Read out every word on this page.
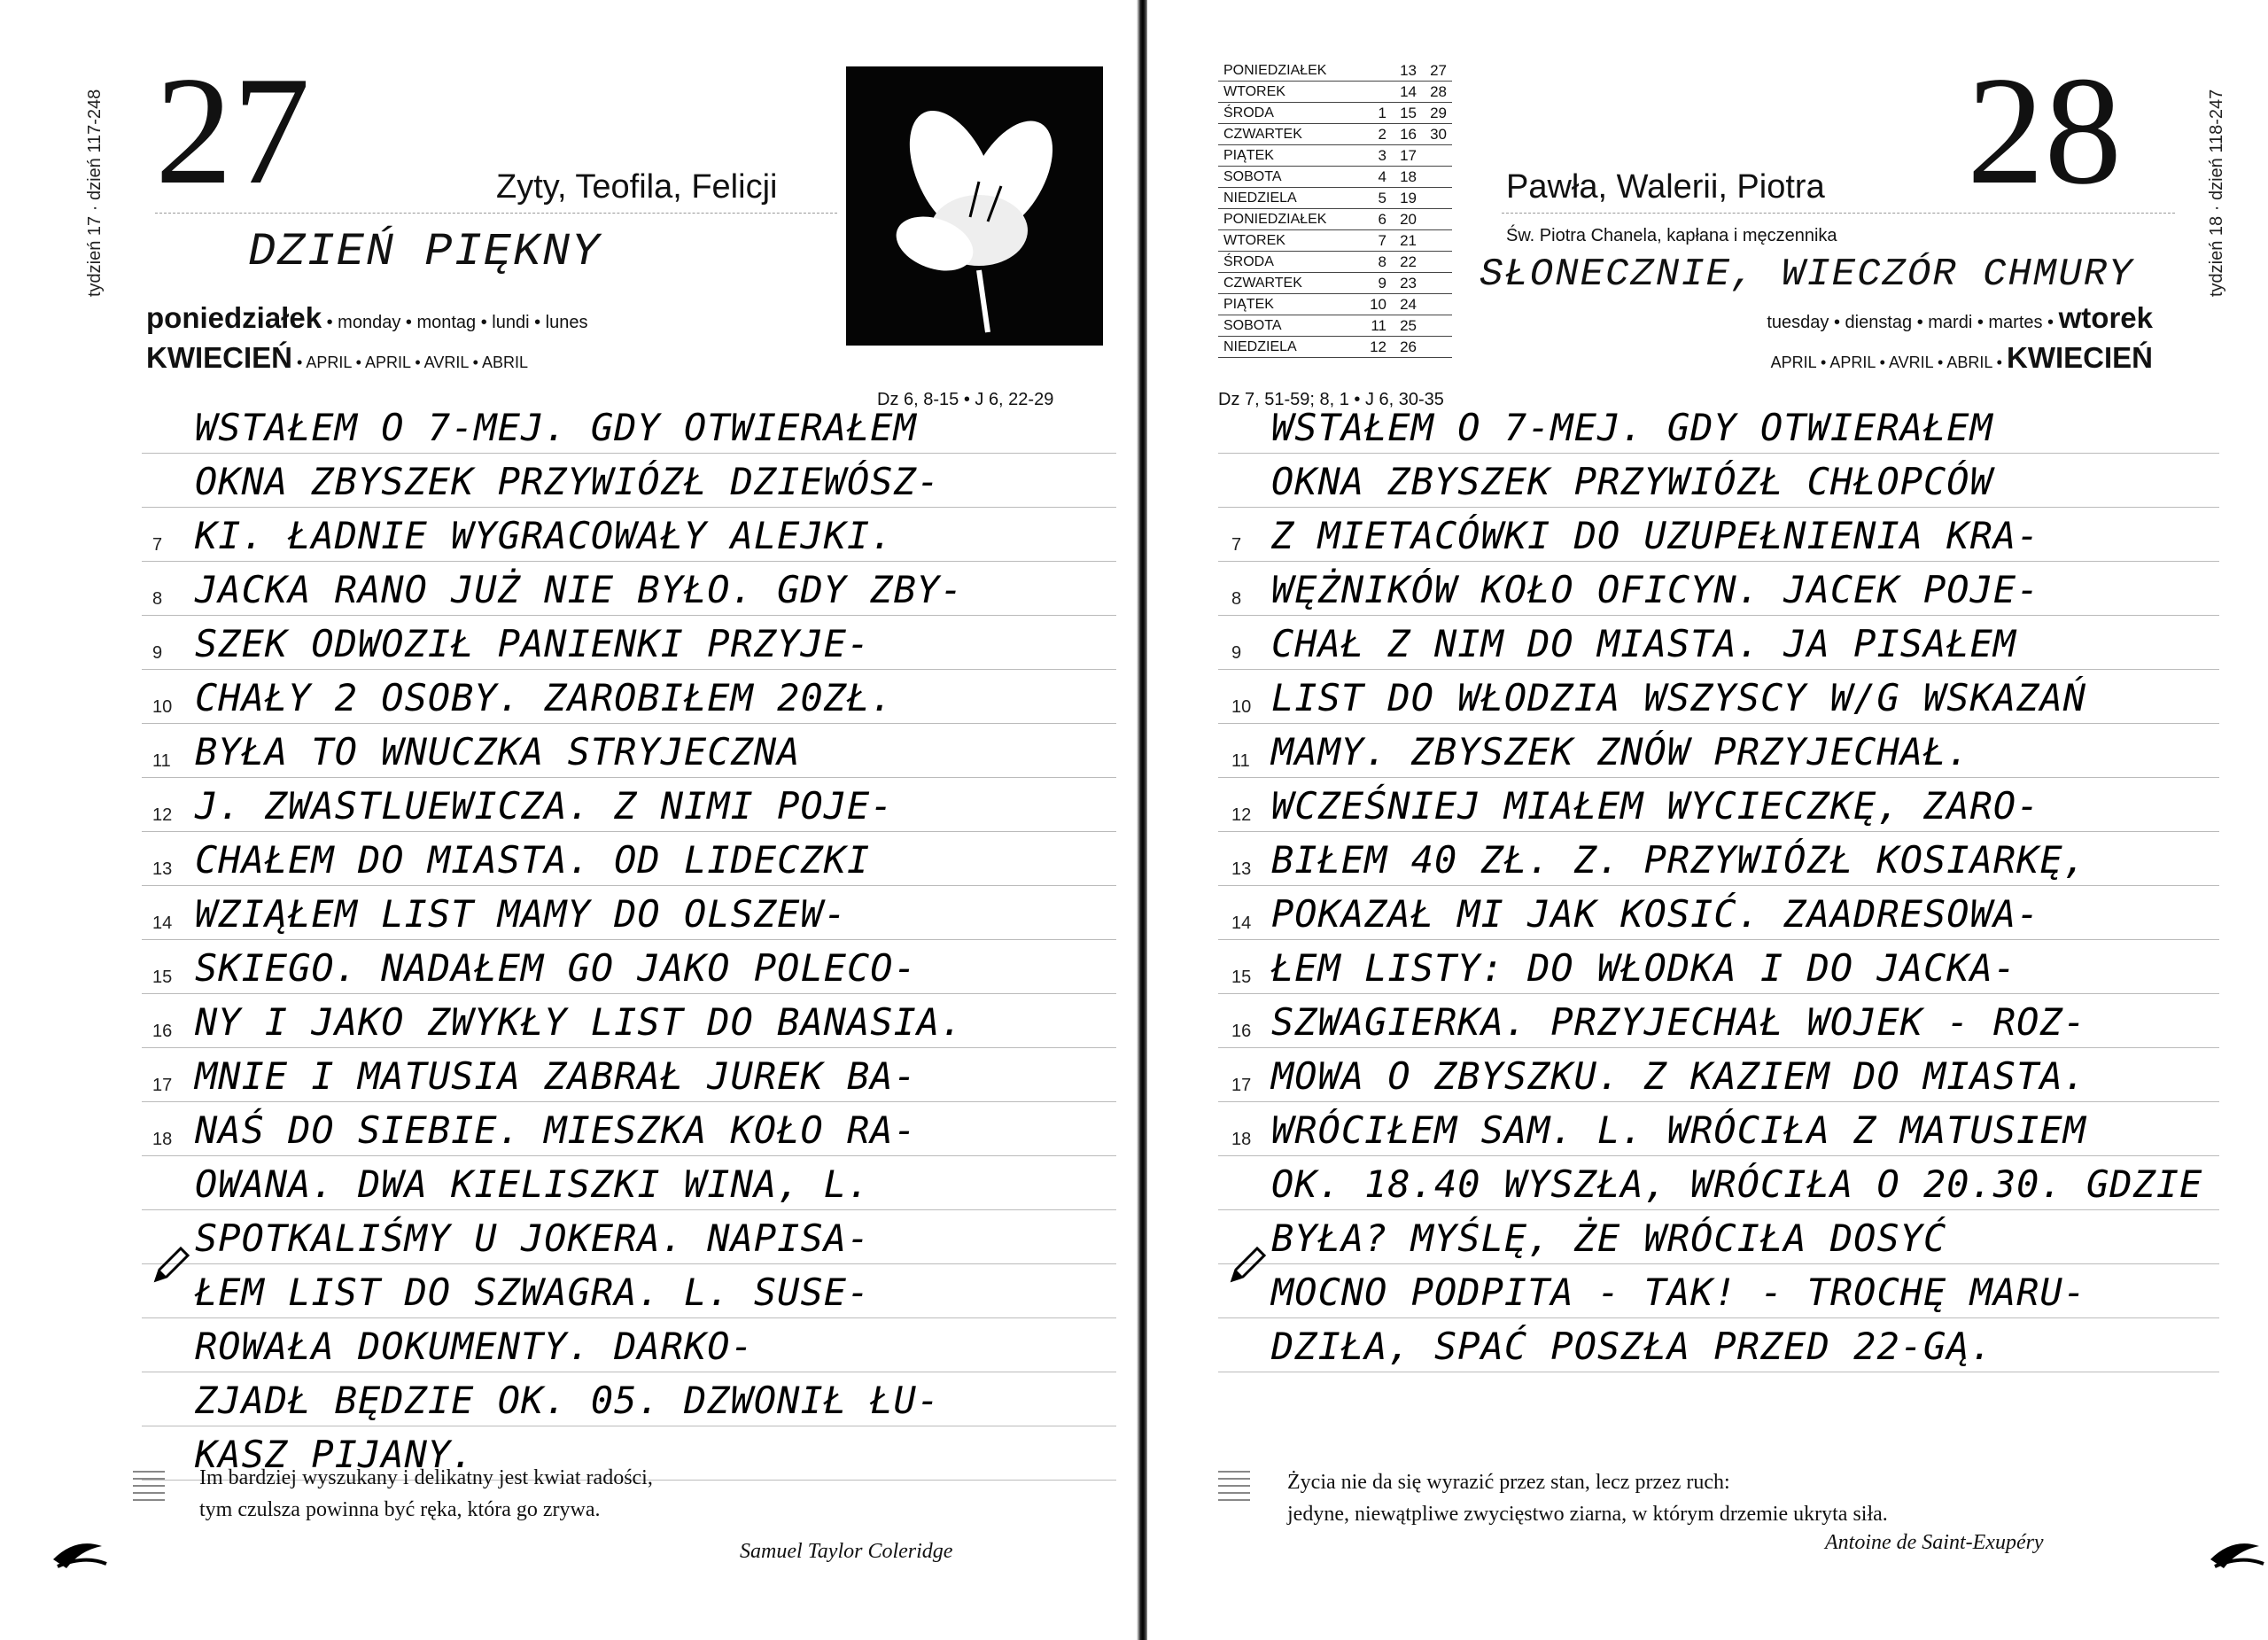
tydzień 17 · dzień 117-248 27	Zyty, Teofila, Felicji
DZIEŃ PIĘKNY
poniedziałek • monday • montag • lundi • lunes
KWIECIEŃ • APRIL • APRIL • AVRIL • ABRIL
Dz 6, 8-15 • J 6, 22-29
WSTAŁEM O 7-MEJ. GDY OTWIERAŁEM
OKNA ZBYSZEK PRZYWIÓZŁ DZIEWÓSZ-
7 KI. ŁADNIE WYGRACOWAŁY ALEJKI.
8 JACKA RANO JUŻ NIE BYŁO. GDY ZBY-
9 SZEK ODWOZIŁ PANIENKI PRZYJE-
10 CHAŁY 2 OSOBY. ZAROBIŁEM 20ZŁ.
11 BYŁA TO WNUCZKA STRYJECZNA
12 J. ZWASTLUEWICZA. Z NIMI POJE-
13 CHAŁEM DO MIASTA. OD LIDECZKI
14 WZIĄŁEM LIST MAMY DO OLSZEW-
15 SKIEGO. NADAŁEM GO JAKO POLECO-
16 NY I JAKO ZWYKŁY LIST DO BANASIA.
17 MNIE I MATUSIA ZABRAŁ JUREK BA-
18 NAŚ DO SIEBIE. MIESZKA KOŁO RA-
OWANA. DWA KIELISZKI WINA, L.
SPOTKALIŚMY U JOKERA. NAPISA-
ŁEM LIST DO SZWAGRA. L. SUSE-
ROWAŁA DOKUMENTY. DARKO-
ZJADŁ BĘDZIE OK. 05. DZWONIŁ ŁU-
KASZ PIJANY.
Im bardziej wyszukany i delikatny jest kwiat radości,
tym czulsza powinna być ręka, która go zrywa.
Samuel Taylor Coleridge
PONIEDZIAŁEK		13	27
WTOREK		14	28
ŚRODA	1	15	29
CZWARTEK	2	16	30
PIĄTEK	3	17	
SOBOTA	4	18	
NIEDZIELA	5	19	
PONIEDZIAŁEK	6	20	
WTOREK	7	21	
ŚRODA	8	22	
CZWARTEK	9	23	
PIĄTEK	10	24	
SOBOTA	11	25	
NIEDZIELA	12	26	
Pawła, Walerii, Piotra 28	tydzień 18 · dzień 118-247
Św. Piotra Chanela, kapłana i męczennika
SŁONECZNIE, WIECZÓR CHMURY
tuesday • dienstag • mardi • martes • wtorek
APRIL • APRIL • AVRIL • ABRIL • KWIECIEŃ
Dz 7, 51-59; 8, 1 • J 6, 30-35
WSTAŁEM O 7-MEJ. GDY OTWIERAŁEM
OKNA ZBYSZEK PRZYWIÓZŁ CHŁOPCÓW
7 Z MIETACÓWKI DO UZUPEŁNIENIA KRA-
8 WĘŻNIKÓW KOŁO OFICYN. JACEK POJE-
9 CHAŁ Z NIM DO MIASTA. JA PISAŁEM
10 LIST DO WŁODZIA WSZYSCY W/G WSKAZAŃ
11 MAMY. ZBYSZEK ZNÓW PRZYJECHAŁ.
12 WCZEŚNIEJ MIAŁEM WYCIECZKĘ, ZARO-
13 BIŁEM 40 ZŁ. Z. PRZYWIÓZŁ KOSIARKĘ,
14 POKAZAŁ MI JAK KOSIĆ. ZAADRESOWA-
15 ŁEM LISTY: DO WŁODKA I DO JACKA-
16 SZWAGIERKA. PRZYJECHAŁ WOJEK - ROZ-
17 MOWA O ZBYSZKU. Z KAZIEM DO MIASTA.
18 WRÓCIŁEM SAM. L. WRÓCIŁA Z MATUSIEM
OK. 18.40 WYSZŁA, WRÓCIŁA O 20.30. GDZIE
BYŁA? MYŚLĘ, ŻE WRÓCIŁA DOSYĆ
MOCNO PODPITA - TAK! - TROCHĘ MARU-
DZIŁA, SPAĆ POSZŁA PRZED 22-GĄ.
Życia nie da się wyrazić przez stan, lecz przez ruch:
jedyne, niewątpliwe zwycięstwo ziarna, w którym drzemie ukryta siła.
Antoine de Saint-Exupéry
